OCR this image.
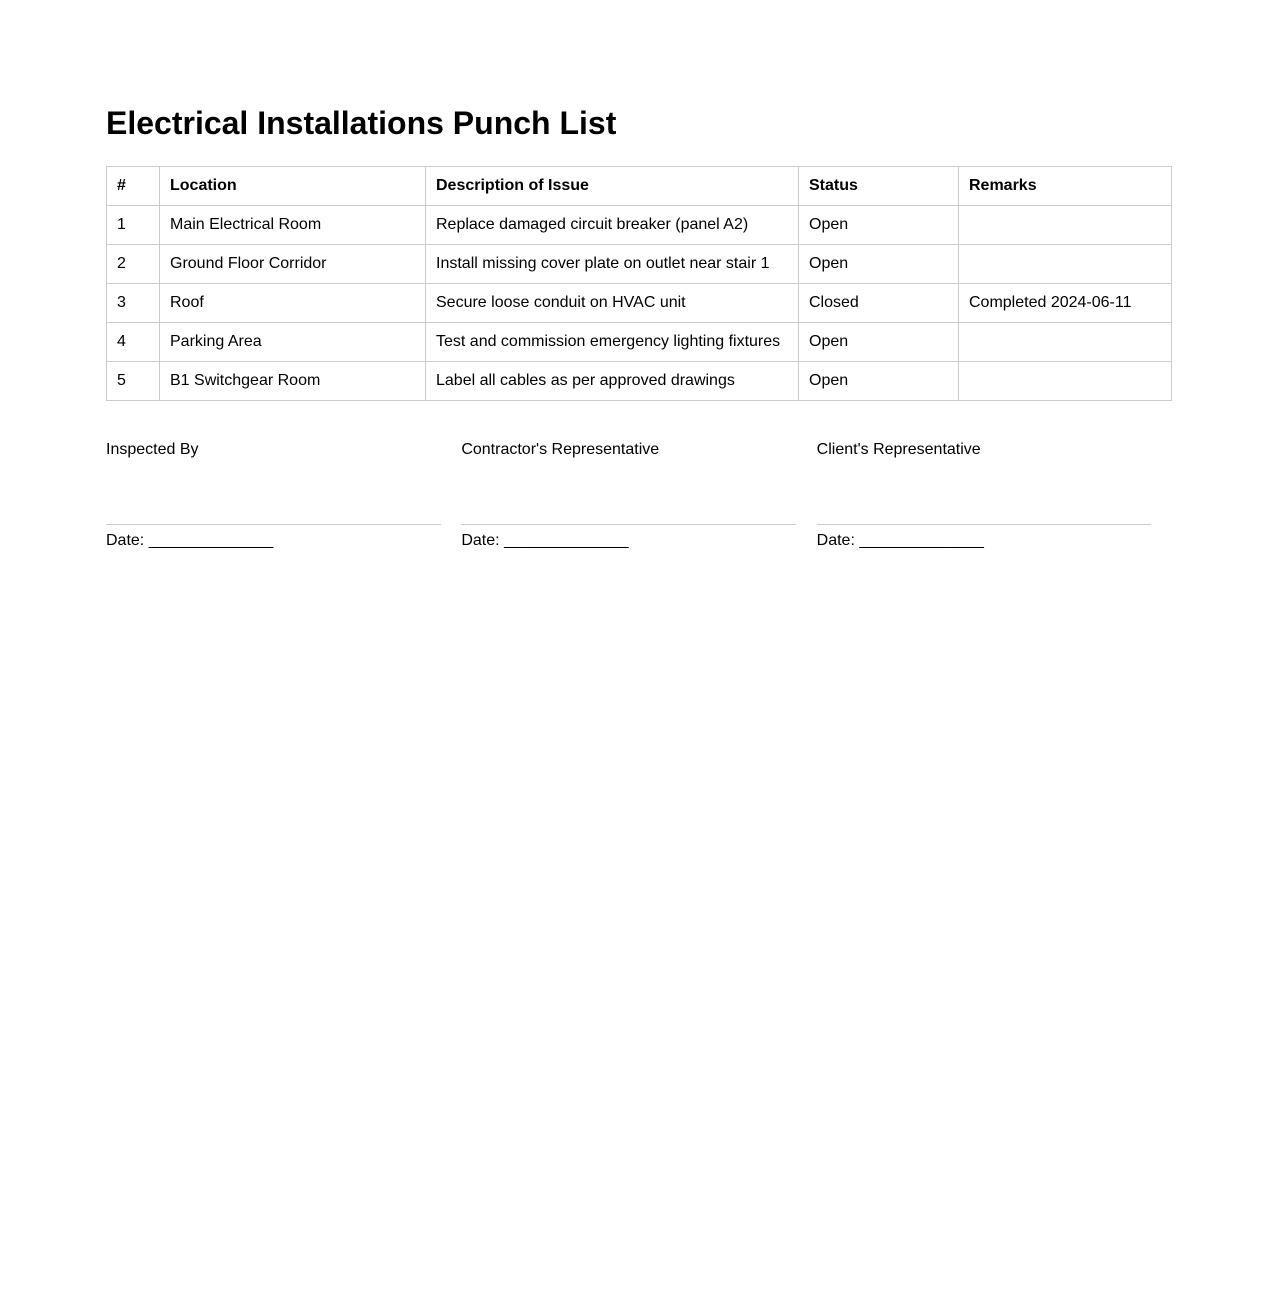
Electrical Installations Punch List
#	Location	Description of Issue	Status	Remarks
1	Main Electrical Room	Replace damaged circuit breaker (panel A2)	Open	
2	Ground Floor Corridor	Install missing cover plate on outlet near stair 1	Open	
3	Roof	Secure loose conduit on HVAC unit	Closed	Completed 2024-06-11
4	Parking Area	Test and commission emergency lighting fixtures	Open	
5	B1 Switchgear Room	Label all cables as per approved drawings	Open	
Inspected By
Date: ______________
Contractor's Representative
Date: ______________
Client's Representative
Date: ______________
